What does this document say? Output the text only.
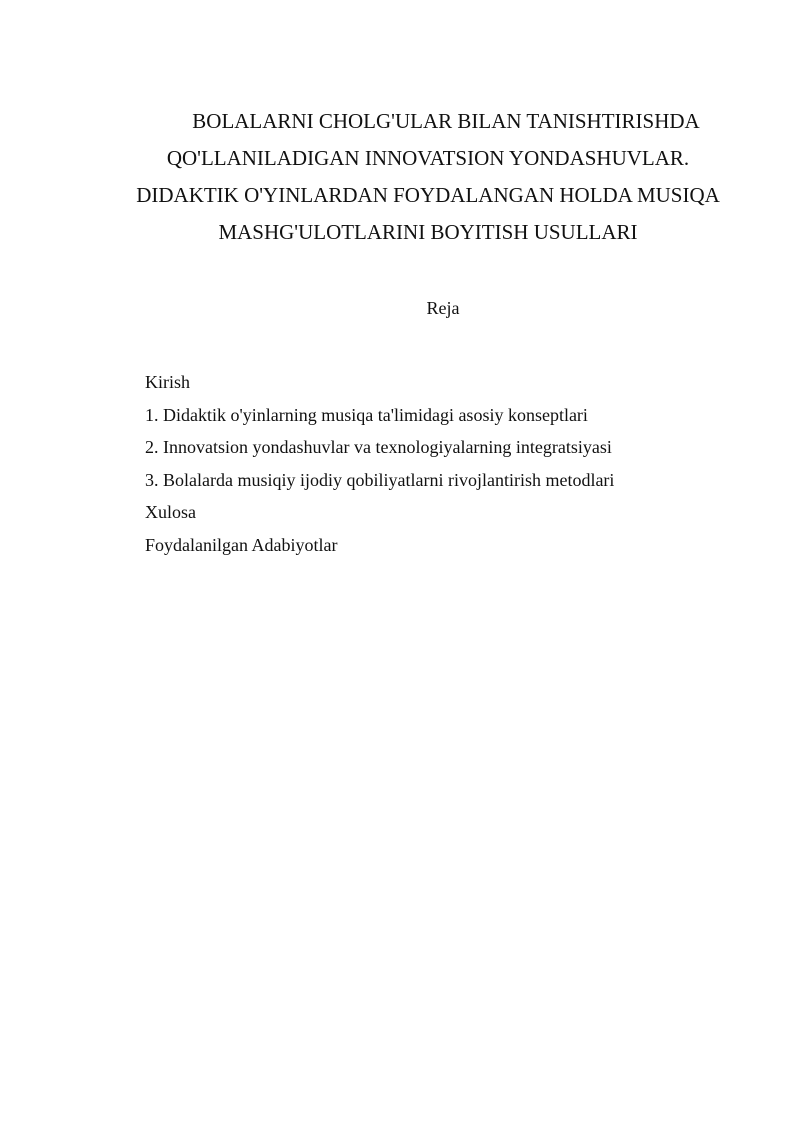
BOLALARNI CHOLG'ULAR BILAN TANISHTIRISHDA
QO'LLANILADIGAN INNOVATSION YONDASHUVLAR.
DIDAKTIK O'YINLARDAN FOYDALANGAN HOLDA MUSIQA
MASHG'ULOTLARINI BOYITISH USULLARI
Reja
Kirish
1. Didaktik o'yinlarning musiqa ta'limidagi asosiy konseptlari
2. Innovatsion yondashuvlar va texnologiyalarning integratsiyasi
3. Bolalarda musiqiy ijodiy qobiliyatlarni rivojlantirish metodlari
Xulosa
Foydalanilgan Adabiyotlar
